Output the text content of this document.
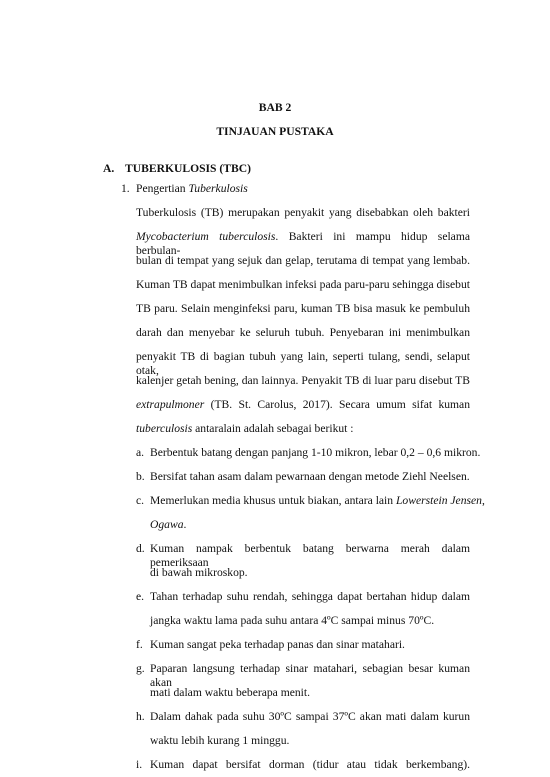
BAB 2
TINJAUAN PUSTAKA
A. TUBERKULOSIS (TBC)
1. Pengertian Tuberkulosis
Tuberkulosis (TB) merupakan penyakit yang disebabkan oleh bakteri
Mycobacterium tuberculosis. Bakteri ini mampu hidup selama berbulan-
bulan di tempat yang sejuk dan gelap, terutama di tempat yang lembab.
Kuman TB dapat menimbulkan infeksi pada paru-paru sehingga disebut
TB paru. Selain menginfeksi paru, kuman TB bisa masuk ke pembuluh
darah dan menyebar ke seluruh tubuh. Penyebaran ini menimbulkan
penyakit TB di bagian tubuh yang lain, seperti tulang, sendi, selaput otak,
kalenjer getah bening, dan lainnya. Penyakit TB di luar paru disebut TB
extrapulmoner (TB. St. Carolus, 2017). Secara umum sifat kuman
tuberculosis antaralain adalah sebagai berikut :
a. Berbentuk batang dengan panjang 1-10 mikron, lebar 0,2 – 0,6 mikron.
b. Bersifat tahan asam dalam pewarnaan dengan metode Ziehl Neelsen.
c. Memerlukan media khusus untuk biakan, antara lain Lowerstein Jensen,
Ogawa.
d. Kuman nampak berbentuk batang berwarna merah dalam pemeriksaan
di bawah mikroskop.
e. Tahan terhadap suhu rendah, sehingga dapat bertahan hidup dalam
jangka waktu lama pada suhu antara 4ºC sampai minus 70ºC.
f. Kuman sangat peka terhadap panas dan sinar matahari.
g. Paparan langsung terhadap sinar matahari, sebagian besar kuman akan
mati dalam waktu beberapa menit.
h. Dalam dahak pada suhu 30ºC sampai 37ºC akan mati dalam kurun
waktu lebih kurang 1 minggu.
i. Kuman dapat bersifat dorman (tidur atau tidak berkembang).
